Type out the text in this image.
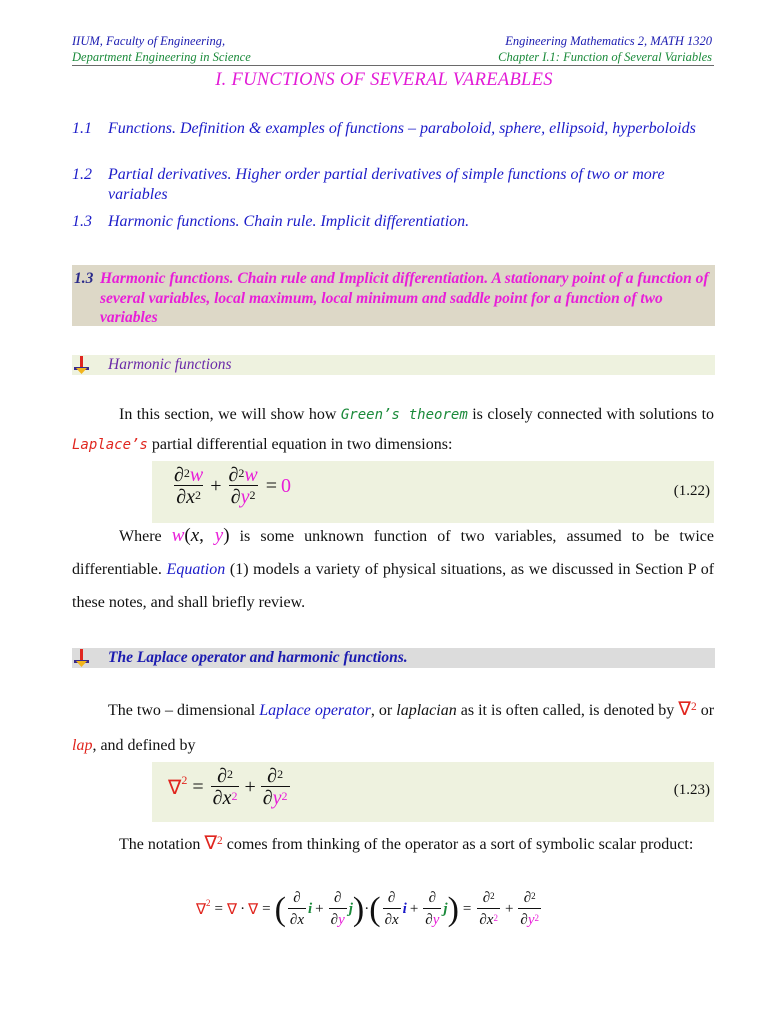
IIUM, Faculty of Engineering,
Department Engineering in Science
Engineering Mathematics 2, MATH 1320
Chapter I.1: Function of Several Variables
I. FUNCTIONS OF SEVERAL VAREABLES
1.1 Functions. Definition & examples of functions – paraboloid, sphere, ellipsoid, hyperboloids
1.2 Partial derivatives. Higher order partial derivatives of simple functions of two or more variables
1.3 Harmonic functions. Chain rule. Implicit differentiation.
1.3 Harmonic functions. Chain rule and Implicit differentiation. A stationary point of a function of several variables, local maximum, local minimum and saddle point for a function of two variables
Harmonic functions
In this section, we will show how Green’s theorem is closely connected with solutions to Laplace’s partial differential equation in two dimensions:
$\frac{\partial^2w}{\partial x^2} + \frac{\partial^2w}{\partial y^2} = 0$	(1.22)
Where w(x, y) is some unknown function of two variables, assumed to be twice differentiable. Equation (1) models a variety of physical situations, as we discussed in Section P of these notes, and shall briefly review.
The Laplace operator and harmonic functions.
The two – dimensional Laplace operator, or laplacian as it is often called, is denoted by ∇$^2$ or lap, and defined by
$\nabla^2 = \frac{\partial^2}{\partial x^2} + \frac{\partial^2}{\partial y^2}$	(1.23)
The notation ∇$^2$ comes from thinking of the operator as a sort of symbolic scalar product:
∇$^2$ = ∇ · ∇ = ( $\frac{\partial}{\partial x}$ $i + \frac{\partial}{\partial y}$ j ) · ( $\frac{\partial}{\partial x}$ $i + \frac{\partial}{\partial y}$ j ) = $\frac{\partial^2}{\partial x^2} + \frac{\partial^2}{\partial y^2}$
